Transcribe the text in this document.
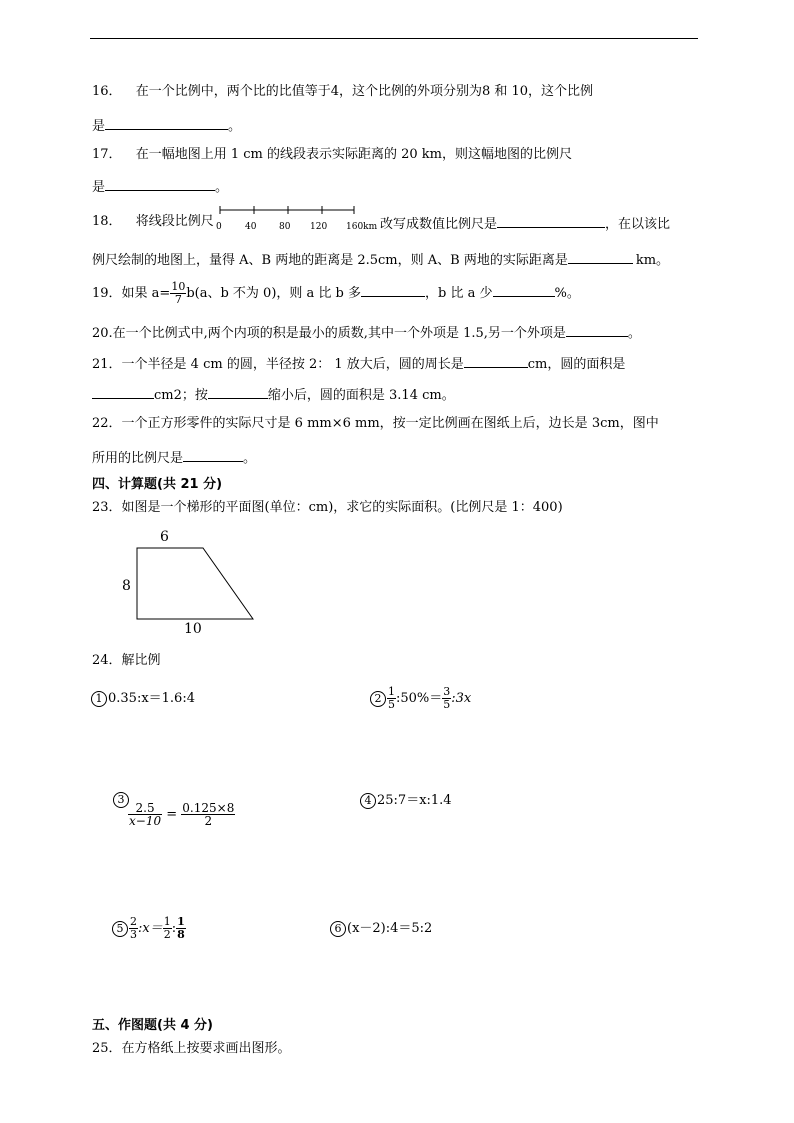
16． 在一个比例中，两个比的比值等于4，这个比例的外项分别为8 和 10，这个比例
是	。
17． 在一幅地图上用 1 cm 的线段表示实际距离的 20 km，则这幅地图的比例尺
是	。
18． 将线段比例尺 0	40	80 120 160km 改写成数值比例尺是	，在以该比
例尺绘制的地图上，量得 A、B 两地的距离是 2.5cm，则 A、B 两地的实际距离是	km。
19．如果 $a= \frac{10}{7} b(a$、b 不为 0)，则 a 比 b 多	，b 比 a 少	%。
20.在一个比例式中,两个内项的积是最小的质数,其中一个外项是 1.5,另一个外项是	。
21．一个半径是 4 cm 的圆，半径按 2： 1 放大后，圆的周长是	cm，圆的面积是
cm2；按	缩小后，圆的面积是 3.14 cm。
22．一个正方形零件的实际尺寸是 6 mm×6 mm，按一定比例画在图纸上后，边长是 3cm，图中
所用的比例尺是	。
四、计算题(共 21 分)
23．如图是一个梯形的平面图(单位：cm)，求它的实际面积。(比例尺是 1：400)
6
8
10
24．解比例
1 0.35:x＝1.6:4	$2 \frac{1}{5}$ :50%＝ $\frac{3}{5}$ :3x
3
$\frac{2.5}{x-10} = \frac{0.125\times 8}{2}$
4 25:7＝x:1.4
$5 \frac{2}{3}$ :x＝ $\frac{1}{2}$ : $\frac{1}{8}$	6 (x－2):4＝5:2
五、作图题(共 4 分)
25．在方格纸上按要求画出图形。
